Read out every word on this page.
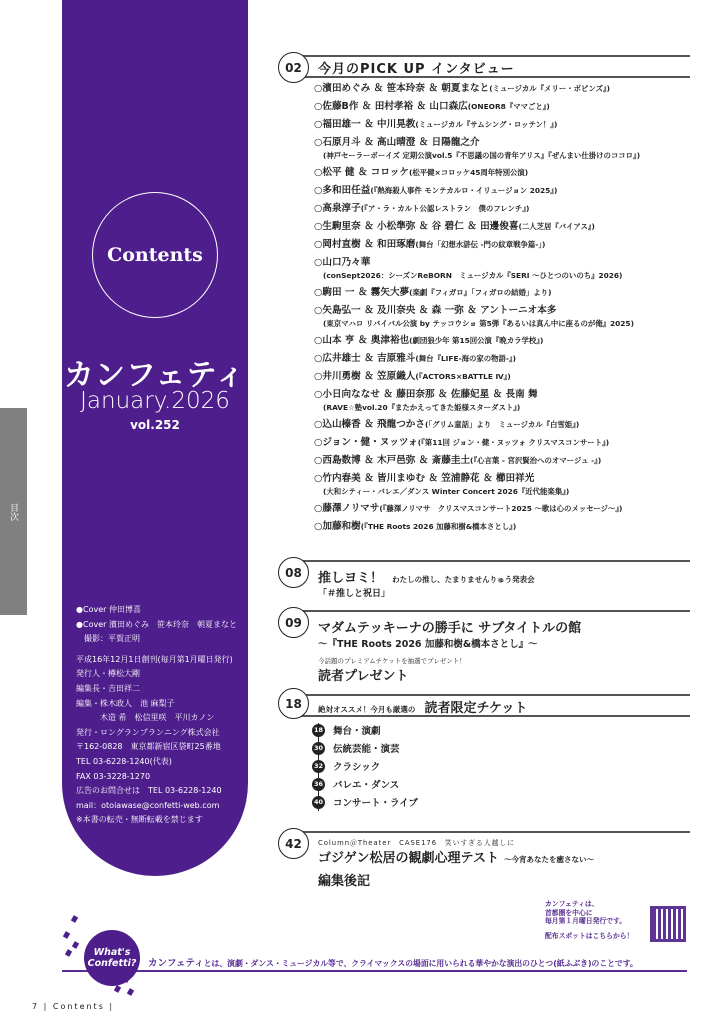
目次
Contents
カンフェティ
January.2026
vol.252
●Cover 仲田博喜
●Cover 濱田めぐみ　笹本玲奈　朝夏まなと
　撮影：平賀正明
平成16年12月1日創刊(毎月第1月曜日発行)
発行人・樽松大剛
編集長・吉田祥二
編集・株木政人　池 麻梨子
　　　木造 希　松信里咲　平川カノン
発行・ロングランプランニング株式会社
〒162-0828　東京都新宿区袋町25番地
TEL 03-6228-1240(代表)
FAX 03-3228-1270
広告のお問合せは　TEL 03-6228-1240
mail：otoiawase@confetti-web.com
※本書の転売・無断転載を禁じます
02	今月のPICK UP インタビュー
○濱田めぐみ ＆ 笹本玲奈 ＆ 朝夏まなと(ミュージカル『メリー・ポピンズ』)
○佐藤B作 ＆ 田村孝裕 ＆ 山口森広(ONEOR8『ママごと』)
○福田雄一 ＆ 中川晃教(ミュージカル『サムシング・ロッテン！』)
○石原月斗 ＆ 高山晴澄 ＆ 日陽龍之介
(神戸セーラーボーイズ 定期公演vol.5『不思議の国の青年アリス』『ぜんまい仕掛けのココロ』)
○松平 健 ＆ コロッケ(松平健×コロッケ45周年特別公演)
○多和田任益(『熱海殺人事件 モンテカルロ・イリュージョン 2025』)
○高泉淳子(『ア・ラ・カルト公認レストラン　僕のフレンチ』)
○生駒里奈 ＆ 小松準弥 ＆ 谷 碧仁 ＆ 田邊俊喜(二人芝居『バイアス』)
○岡村直樹 ＆ 和田琢磨(舞台「幻想水滸伝 -門の紋章戦争篇-」)
○山口乃々華
(conSept2026：シーズンReBORN　ミュージカル『SERI ～ひとつのいのち』2026)
○駒田 一 ＆ 霧矢大夢(楽劇『フィガロ』「フィガロの結婚」より)
○矢島弘一 ＆ 及川奈央 ＆ 森 一弥 ＆ アントーニオ本多
(東京マハロ リバイバル公演 by テッコウショ 第5弾『あるいは真ん中に座るのが俺』2025)
○山本 亨 ＆ 奥津裕也(劇団狼少年 第15回公演『晩カラ学校』)
○広井雄士 ＆ 吉原雅斗(舞台『LIFE-海の家の物語-』)
○井川勇樹 ＆ 笠原織人(『ACTORS×BATTLE Ⅳ』)
○小日向ななせ ＆ 藤田奈那 ＆ 佐藤妃星 ＆ 長南 舞
(RAVE☆塾vol.20『またかえってきた姫様スターダスト』)
○込山榛香 ＆ 飛龍つかさ(「グリム童話」より　ミュージカル『白雪姫』)
○ジョン・健・ヌッツォ(『第11回 ジョン・健・ヌッツォ クリスマスコンサート』)
○西島数博 ＆ 木戸邑弥 ＆ 斎藤圭土(『心言葉 - 宮沢賢治へのオマージュ -』)
○竹内春美 ＆ 皆川まゆむ ＆ 笠浦静花 ＆ 櫛田祥光
(大和シティー・バレエ／ダンス Winter Concert 2026『近代能楽集』)
○藤澤ノリマサ(『藤澤ノリマサ　クリスマスコンサート2025 ～歌は心のメッセージ～』)
○加藤和樹(『THE Roots 2026 加藤和樹&橋本さとし』)
08	推しヨミ！ わたしの推し、たまりませんりゅう発表会
「＃推しと祝日」
09	マダムテッキーナの勝手に サブタイトルの館
～『THE Roots 2026 加藤和樹&橋本さとし』～
今話題のプレミアムチケットを抽選でプレゼント！
読者プレゼント
18	絶対オススメ！今月も厳選の 読者限定チケット
18 舞台・演劇
30 伝統芸能・演芸
32 クラシック
36 バレエ・ダンス
40 コンサート・ライブ
42	Column＠Theater　CASE176　笑いすぎる人越しに
ゴジゲン松居の観劇心理テスト ～今宵あなたを癒さない～
編集後記
カンフェティは、
首都圏を中心に
毎月第１月曜日発行です。
配布スポットはこちらから！
What's Confetti?	カンフェティとは、演劇・ダンス・ミュージカル等で、クライマックスの場面に用いられる華やかな演出のひとつ(紙ふぶき)のことです。
7 | Contents |
